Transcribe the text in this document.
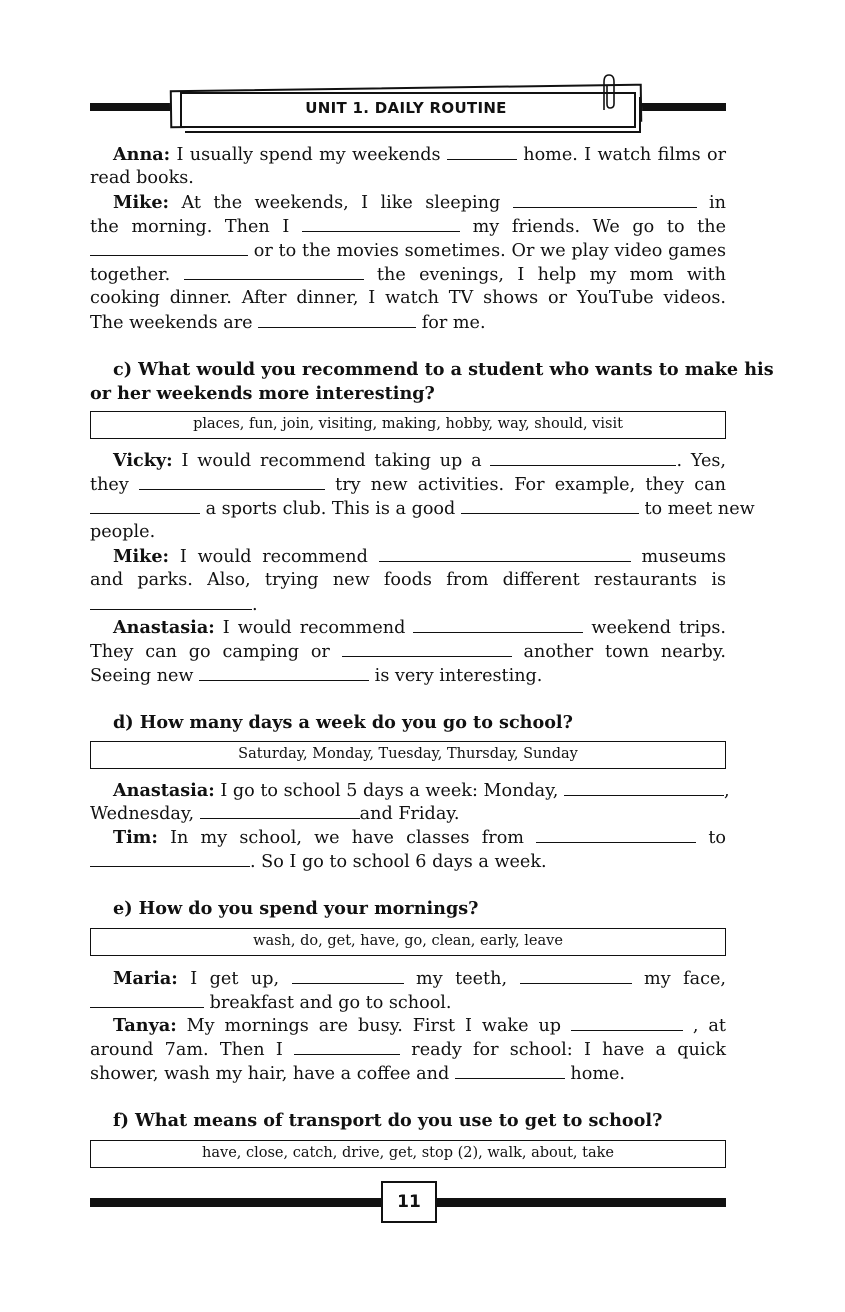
UNIT 1. DAILY ROUTINE
Anna: I usually spend my weekends	home. I watch films or
read books.
Mike: At the weekends, I like sleeping	in
the morning. Then I	my friends. We go to the
or to the movies sometimes. Or we play video games
together.	the evenings, I help my mom with
cooking dinner. After dinner, I watch TV shows or YouTube videos.
The weekends are	for me.
c) What would you recommend to a student who wants to make his
or her weekends more interesting?
places, fun, join, visiting, making, hobby, way, should, visit
Vicky: I would recommend taking up a	. Yes,
they	try new activities. For example, they can
a sports club. This is a good	to meet new
people.
Mike: I would recommend	museums
and parks. Also, trying new foods from different restaurants is
.
Anastasia: I would recommend	weekend trips.
They can go camping or	another town nearby.
Seeing new	is very interesting.
d) How many days a week do you go to school?
Saturday, Monday, Tuesday, Thursday, Sunday
Anastasia: I go to school 5 days a week: Monday,	,
Wednesday,	and Friday.
Tim: In my school, we have classes from	to
. So I go to school 6 days a week.
e) How do you spend your mornings?
wash, do, get, have, go, clean, early, leave
Maria: I get up,	my teeth,	my face,
breakfast and go to school.
Tanya: My mornings are busy. First I wake up	, at
around 7am. Then I	ready for school: I have a quick
shower, wash my hair, have a coffee and	home.
f) What means of transport do you use to get to school?
have, close, catch, drive, get, stop (2), walk, about, take
11
